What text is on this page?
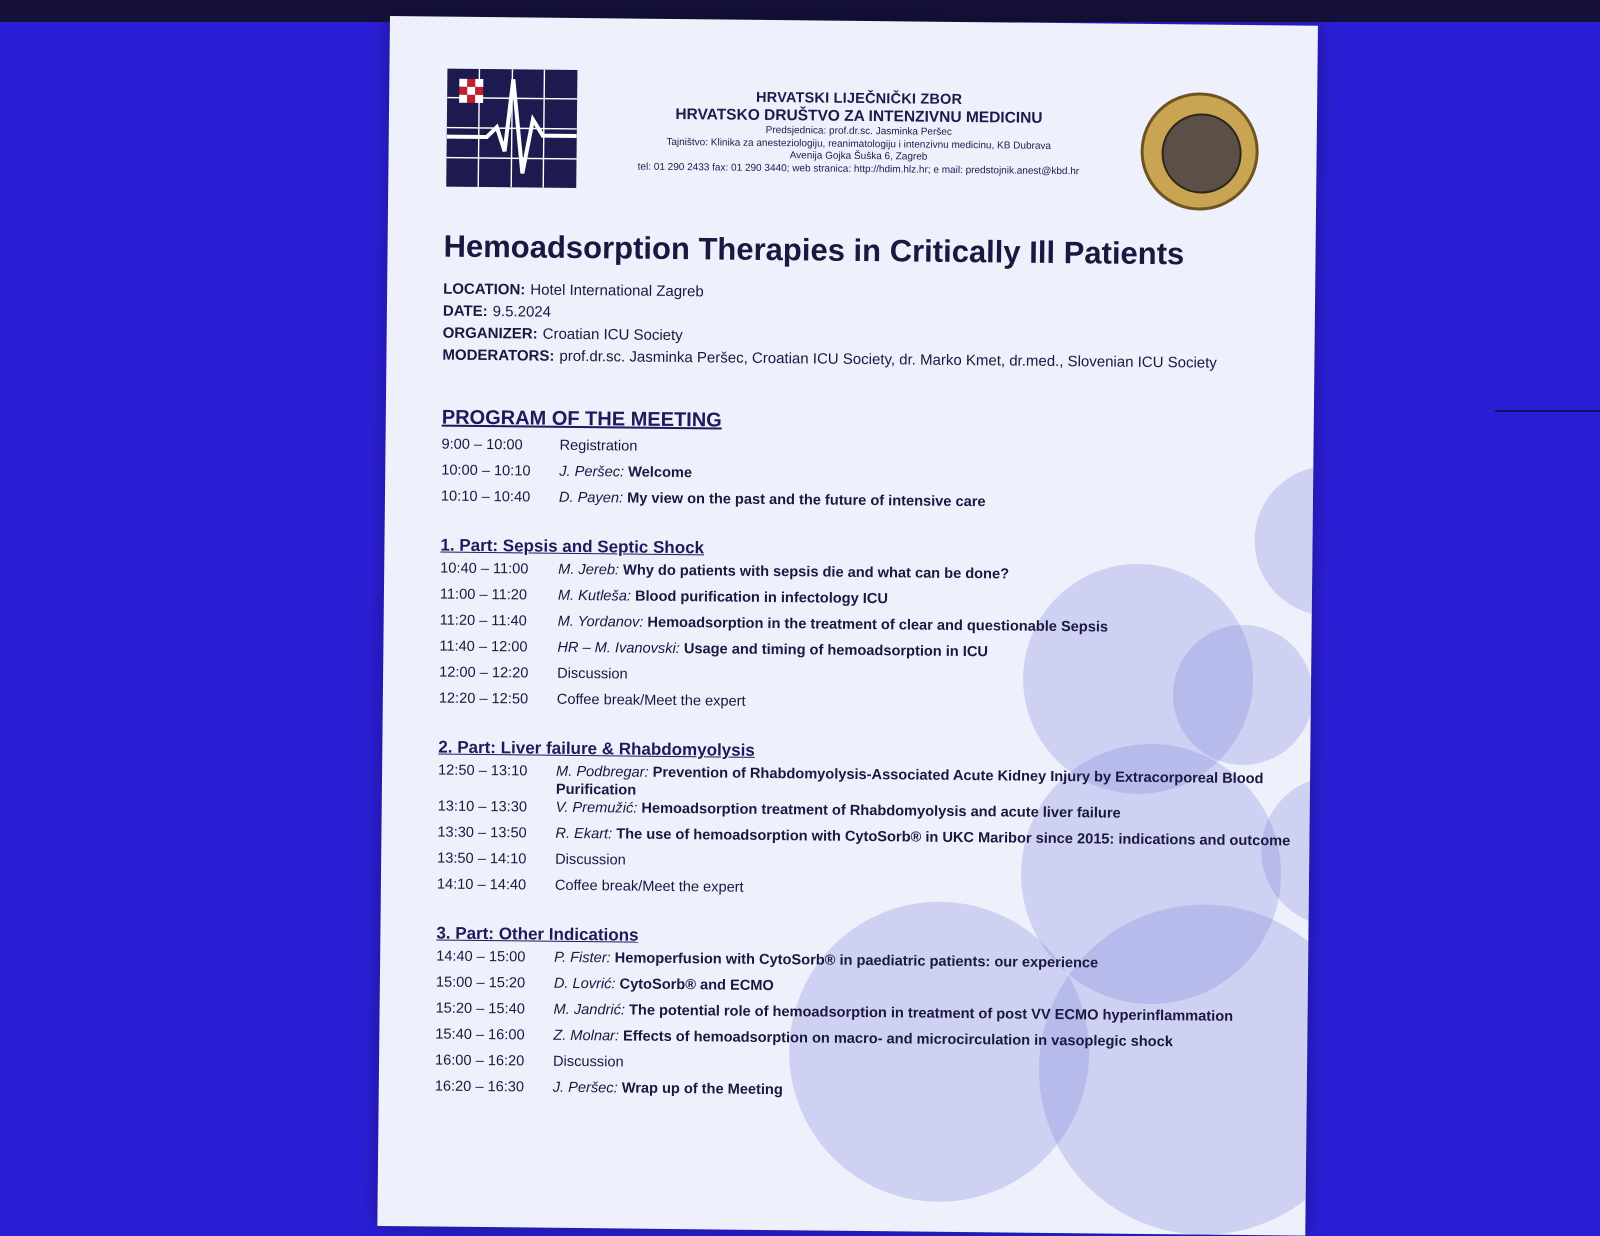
HRVATSKI LIJEČNIČKI ZBOR
HRVATSKO DRUŠTVO ZA INTENZIVNU MEDICINU
Predsjednica: prof.dr.sc. Jasminka Peršec
Tajništvo: Klinika za anesteziologiju, reanimatologiju i intenzivnu medicinu, KB Dubrava
Avenija Gojka Šuška 6, Zagreb
tel: 01 290 2433 fax: 01 290 3440; web stranica: http://hdim.hlz.hr; e mail: predstojnik.anest@kbd.hr
Hemoadsorption Therapies in Critically Ill Patients
LOCATION: Hotel International Zagreb
DATE: 9.5.2024
ORGANIZER: Croatian ICU Society
MODERATORS: prof.dr.sc. Jasminka Peršec, Croatian ICU Society, dr. Marko Kmet, dr.med., Slovenian ICU Society
PROGRAM OF THE MEETING
9:00 – 10:00	Registration
10:00 – 10:10	J. Peršec: Welcome
10:10 – 10:40	D. Payen: My view on the past and the future of intensive care
1. Part: Sepsis and Septic Shock
10:40 – 11:00	M. Jereb: Why do patients with sepsis die and what can be done?
11:00 – 11:20	M. Kutleša: Blood purification in infectology ICU
11:20 – 11:40	M. Yordanov: Hemoadsorption in the treatment of clear and questionable Sepsis
11:40 – 12:00	HR – M. Ivanovski: Usage and timing of hemoadsorption in ICU
12:00 – 12:20	Discussion
12:20 – 12:50	Coffee break/Meet the expert
2. Part: Liver failure & Rhabdomyolysis
12:50 – 13:10	M. Podbregar: Prevention of Rhabdomyolysis-Associated Acute Kidney Injury by Extracorporeal Blood Purification
13:10 – 13:30	V. Premužić: Hemoadsorption treatment of Rhabdomyolysis and acute liver failure
13:30 – 13:50	R. Ekart: The use of hemoadsorption with CytoSorb® in UKC Maribor since 2015: indications and outcome
13:50 – 14:10	Discussion
14:10 – 14:40	Coffee break/Meet the expert
3. Part: Other Indications
14:40 – 15:00	P. Fister: Hemoperfusion with CytoSorb® in paediatric patients: our experience
15:00 – 15:20	D. Lovrić: CytoSorb® and ECMO
15:20 – 15:40	M. Jandrić: The potential role of hemoadsorption in treatment of post VV ECMO hyperinflammation
15:40 – 16:00	Z. Molnar: Effects of hemoadsorption on macro- and microcirculation in vasoplegic shock
16:00 – 16:20	Discussion
16:20 – 16:30	J. Peršec: Wrap up of the Meeting
